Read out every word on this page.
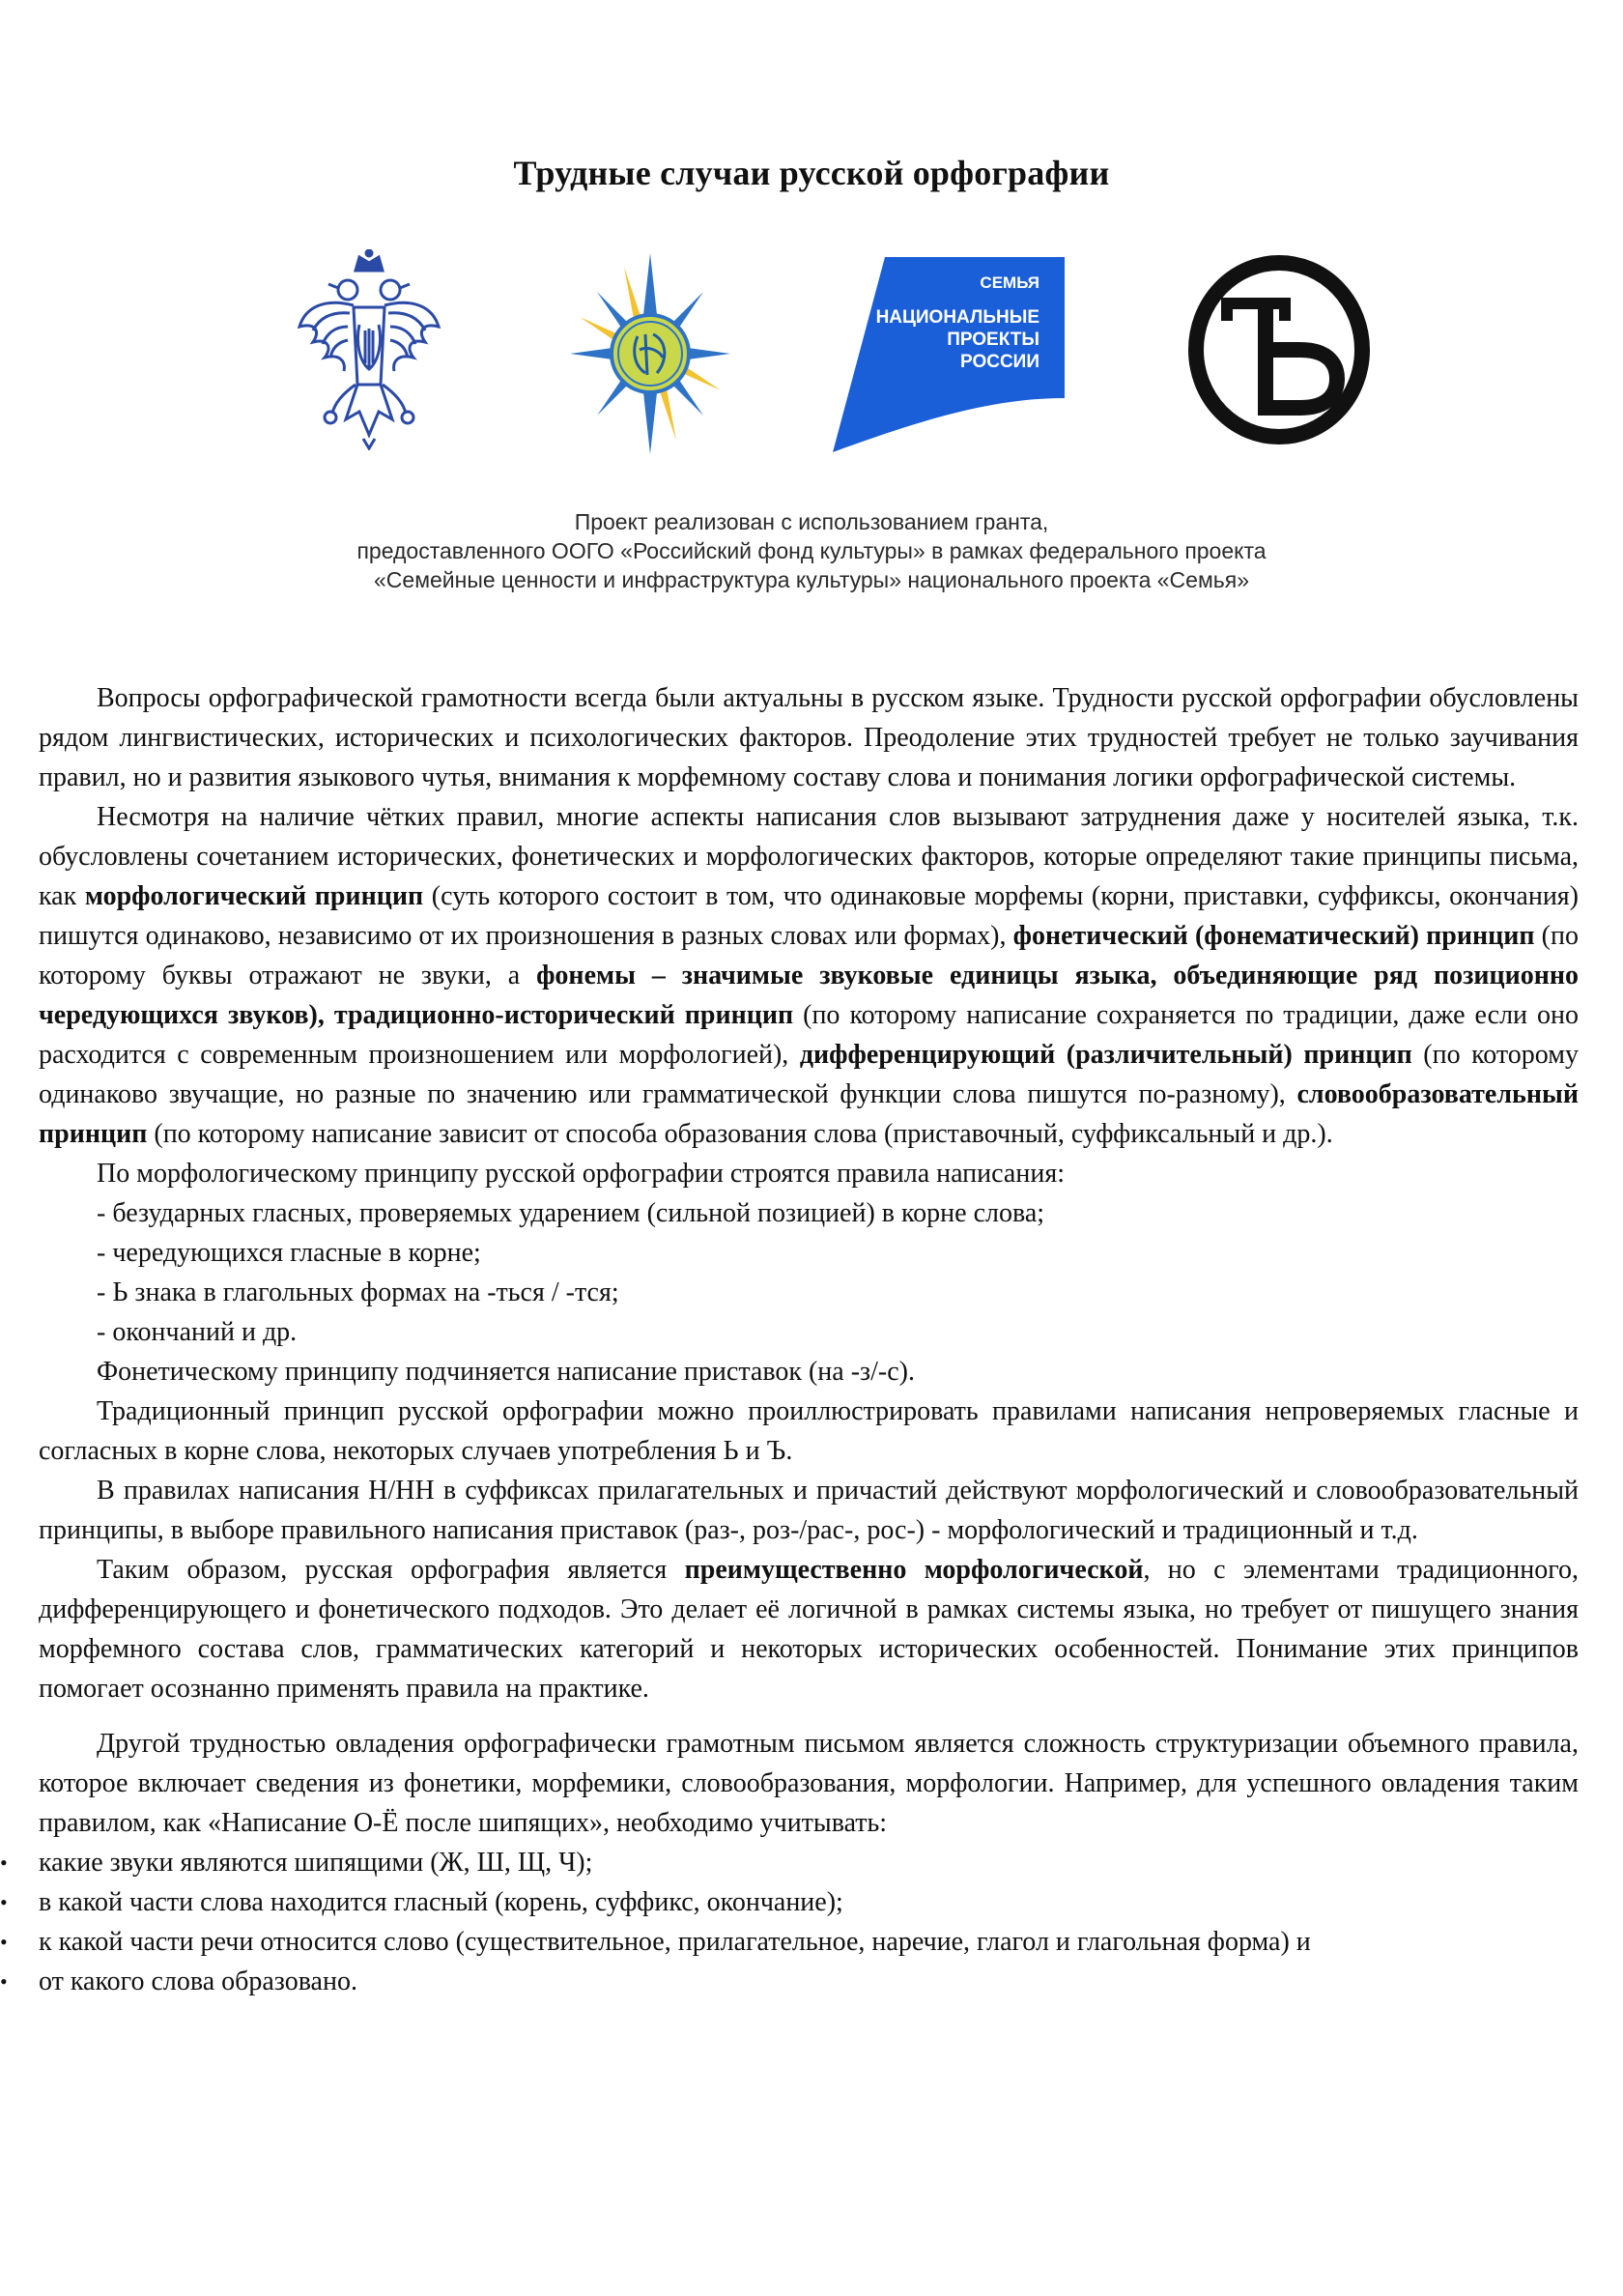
Трудные случаи русской орфографии
СЕМЬЯ
НАЦИОНАЛЬНЫЕ
ПРОЕКТЫ
РОССИИ
Проект реализован с использованием гранта,
предоставленного ООГО «Российский фонд культуры» в рамках федерального проекта
«Семейные ценности и инфраструктура культуры» национального проекта «Семья»
Вопросы орфографической грамотности всегда были актуальны в русском языке. Трудности русской орфографии обусловлены рядом лингвистических, исторических и психологических факторов. Преодоление этих трудностей требует не только заучивания правил, но и развития языкового чутья, внимания к морфемному составу слова и понимания логики орфографической системы.
Несмотря на наличие чётких правил, многие аспекты написания слов вызывают затруднения даже у носителей языка, т.к. обусловлены сочетанием исторических, фонетических и морфологических факторов, которые определяют такие принципы письма, как морфологический принцип (суть которого состоит в том, что одинаковые морфемы (корни, приставки, суффиксы, окончания) пишутся одинаково, независимо от их произношения в разных словах или формах), фонетический (фонематический) принцип (по которому буквы отражают не звуки, а фонемы – значимые звуковые единицы языка, объединяющие ряд позиционно чередующихся звуков), традиционно-исторический принцип (по которому написание сохраняется по традиции, даже если оно расходится с современным произношением или морфологией), дифференцирующий (различительный) принцип (по которому одинаково звучащие, но разные по значению или грамматической функции слова пишутся по-разному), словообразовательный принцип (по которому написание зависит от способа образования слова (приставочный, суффиксальный и др.).
По морфологическому принципу русской орфографии строятся правила написания:
- безударных гласных, проверяемых ударением (сильной позицией) в корне слова;
- чередующихся гласные в корне;
- Ь знака в глагольных формах на -ться / -тся;
- окончаний и др.
Фонетическому принципу подчиняется написание приставок (на -з/-с).
Традиционный принцип русской орфографии можно проиллюстрировать правилами написания непроверяемых гласные и согласных в корне слова, некоторых случаев употребления Ь и Ъ.
В правилах написания Н/НН в суффиксах прилагательных и причастий действуют морфологический и словообразовательный принципы, в выборе правильного написания приставок (раз-, роз-/рас-, рос-) - морфологический и традиционный и т.д.
Таким образом, русская орфография является преимущественно морфологической, но с элементами традиционного, дифференцирующего и фонетического подходов. Это делает её логичной в рамках системы языка, но требует от пишущего знания морфемного состава слов, грамматических категорий и некоторых исторических особенностей. Понимание этих принципов помогает осознанно применять правила на практике.
Другой трудностью овладения орфографически грамотным письмом является сложность структуризации объемного правила, которое включает сведения из фонетики, морфемики, словообразования, морфологии. Например, для успешного овладения таким правилом, как «Написание О-Ё после шипящих», необходимо учитывать:
• какие звуки являются шипящими (Ж, Ш, Щ, Ч);
• в какой части слова находится гласный (корень, суффикс, окончание);
• к какой части речи относится слово (существительное, прилагательное, наречие, глагол и глагольная форма) и
• от какого слова образовано.
